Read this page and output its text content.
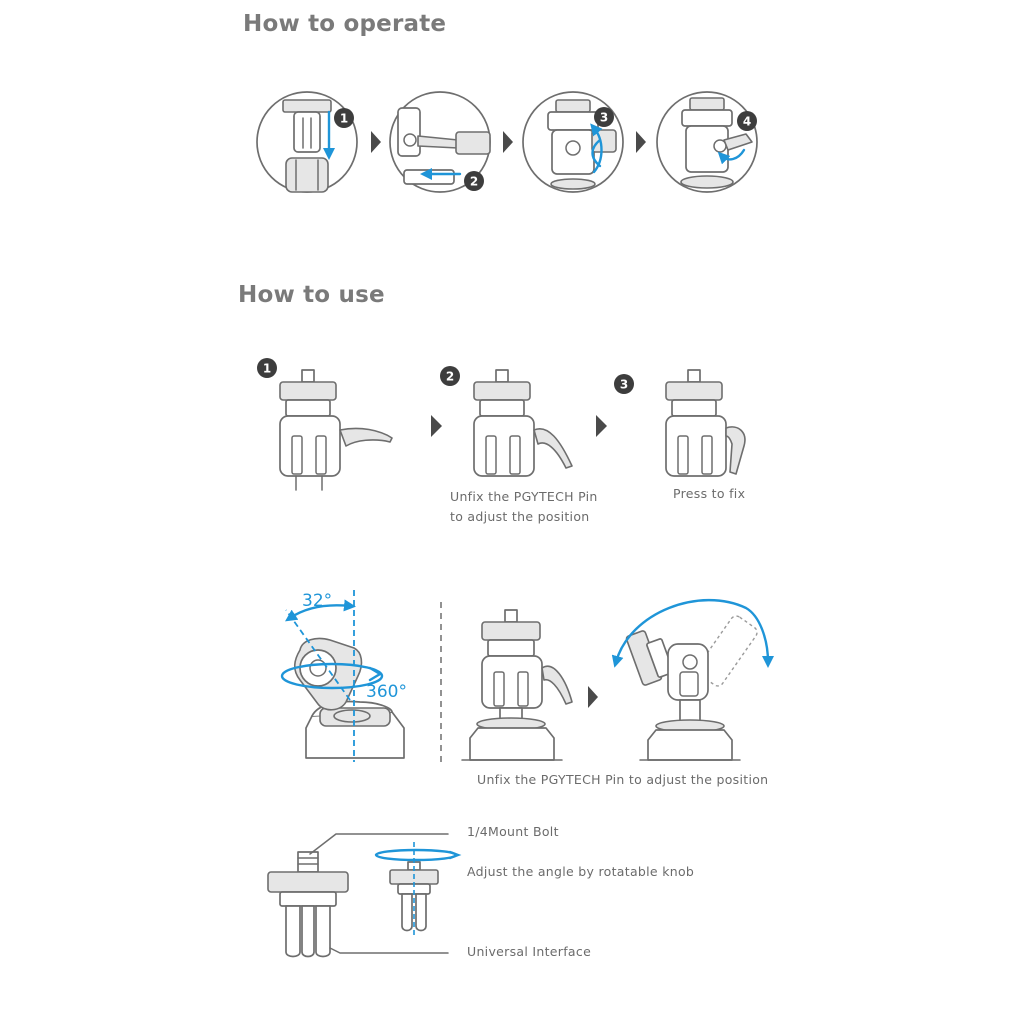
How to operate
How to use
1
2
3	4
1
2
3
32°
360°
Unfix the PGYTECH Pin to adjust the position
Press to fix
Unfix the PGYTECH Pin to adjust the position
1/4Mount Bolt
Adjust the angle by rotatable knob
Universal Interface
